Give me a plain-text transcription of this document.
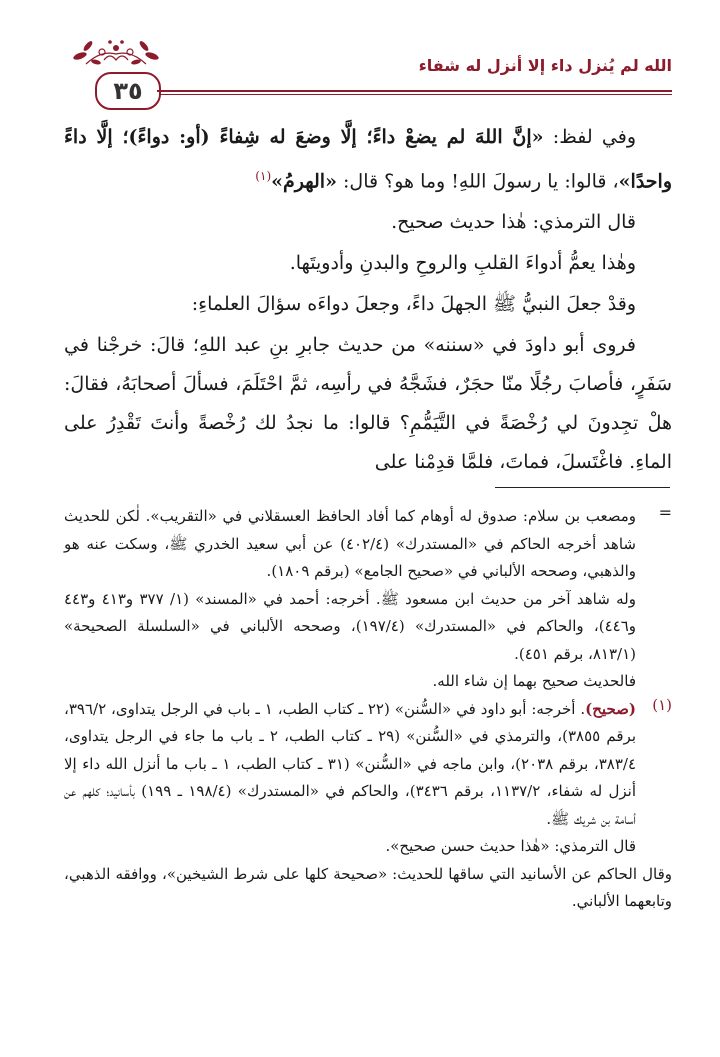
٣٥
الله لم يُنزل داء إلا أنزل له شفاء

وفي لفظ: «إنَّ اللهَ لم يضعْ داءً؛ إلَّا وضعَ له شِفاءً (أو: دواءً)؛ إلَّا داءً واحدًا»، قالوا: يا رسولَ اللهِ! وما هو؟ قال: «الهرمُ»$^{(١)}$

قال الترمذي: هٰذا حديث صحيح.

وهٰذا يعمُّ أدواءَ القلبِ والروحِ والبدنِ وأدويتَها.

وقدْ جعلَ النبيُّ ﷺ الجهلَ داءً، وجعلَ دواءَه سؤالَ العلماءِ:

فروى أبو داودَ في «سننه» من حديث جابرِ بنِ عبد اللهِ؛ قالَ: خرجْنا في سَفَرٍ، فأصابَ رجُلًا منّا حجَرٌ، فشَجَّهُ في رأسِه، ثمَّ احْتَلَمَ، فسألَ أصحابَهُ، فقالَ: هلْ تجِدونَ لي رُخْصَةً في التَّيَمُّمِ؟ قالوا: ما نجدُ لك رُخْصةً وأنتَ تَقْدِرُ على الماءِ. فاغْتَسلَ، فماتَ، فلمَّا قدِمْنا على

=

ومصعب بن سلام: صدوق له أوهام كما أفاد الحافظ العسقلاني في «التقريب». لٰكن للحديث شاهد أخرجه الحاكم في «المستدرك» (٤٠٢/٤) عن أبي سعيد الخدري ﷺ، وسكت عنه هو والذهبي، وصححه الألباني في «صحيح الجامع» (برقم ١٨٠٩).

وله شاهد آخر من حديث ابن مسعود ﷺ. أخرجه: أحمد في «المسند» (١/ ٣٧٧ و٤١٣ و٤٤٣ و٤٤٦)، والحاكم في «المستدرك» (١٩٧/٤)، وصححه الألباني في «السلسلة الصحيحة» (٨١٣/١، برقم ٤٥١).

فالحديث صحيح بهما إن شاء الله.

(١)

(صحيح). أخرجه: أبو داود في «السُّنن» (٢٢ ـ كتاب الطب، ١ ـ باب في الرجل يتداوى، ٣٩٦/٢، برقم ٣٨٥٥)، والترمذي في «السُّنن» (٢٩ ـ كتاب الطب، ٢ ـ باب ما جاء في الرجل يتداوى، ٣٨٣/٤، برقم ٢٠٣٨)، وابن ماجه في «السُّنن» (٣١ ـ كتاب الطب، ١ ـ باب ما أنزل الله داء إلا أنزل له شفاء، ١١٣٧/٢، برقم ٣٤٣٦)، والحاكم في «المستدرك» (١٩٨/٤ ـ ١٩٩) بأسانيد؛ كلهم عن أسامة بن شريك ﷺ.

قال الترمذي: «هٰذا حديث حسن صحيح».

وقال الحاكم عن الأسانيد التي ساقها للحديث: «صحيحة كلها على شرط الشيخين»، ووافقه الذهبي، وتابعهما الألباني.
